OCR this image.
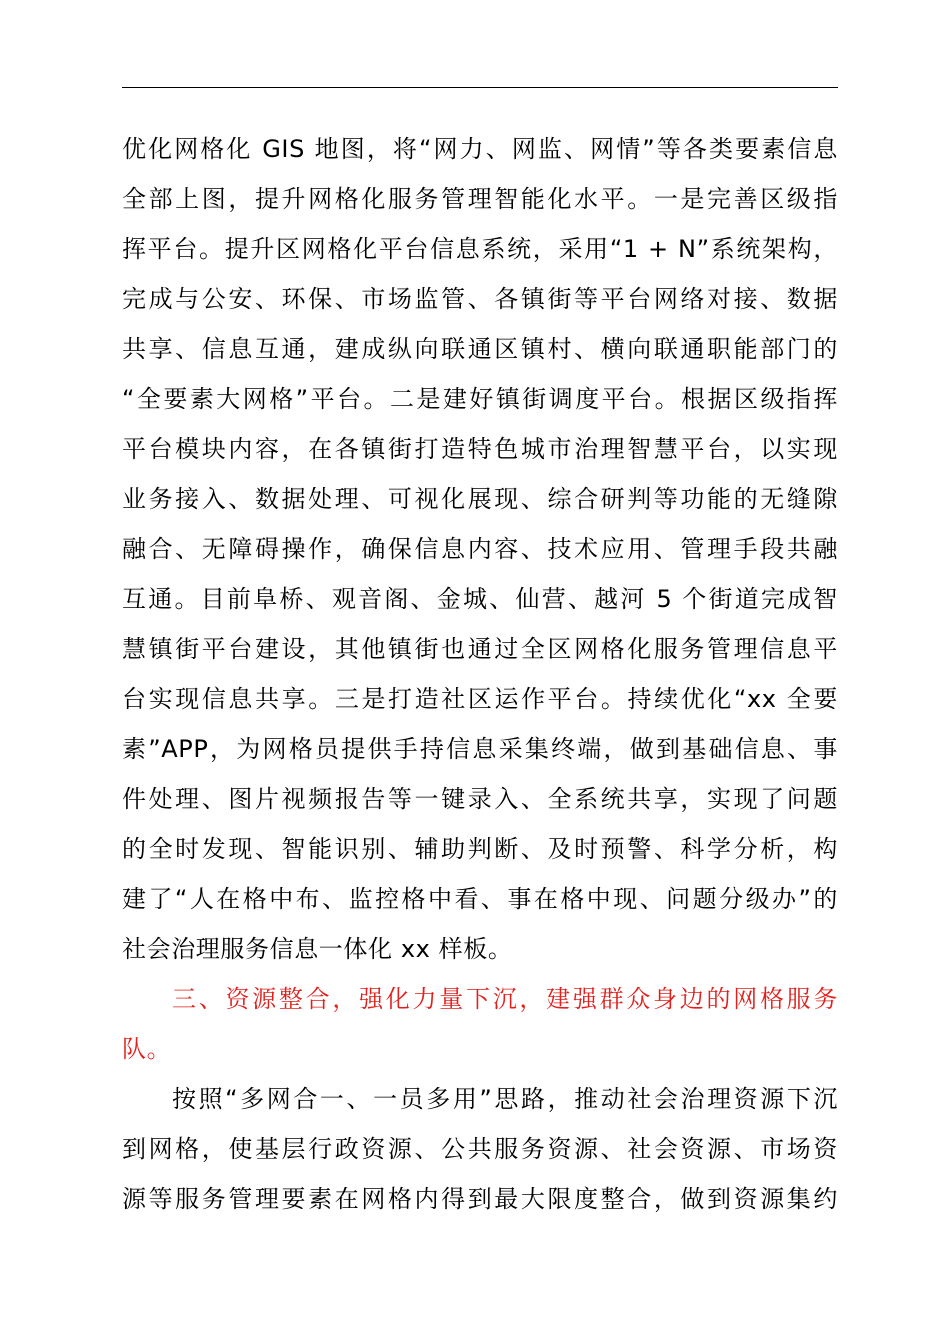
优化网格化 GIS 地图，将“网力、网监、网情”等各类要素信息
全部上图，提升网格化服务管理智能化水平。一是完善区级指
挥平台。提升区网格化平台信息系统，采用“1 + N”系统架构，
完成与公安、环保、市场监管、各镇街等平台网络对接、数据
共享、信息互通，建成纵向联通区镇村、横向联通职能部门的
“全要素大网格”平台。二是建好镇街调度平台。根据区级指挥
平台模块内容，在各镇街打造特色城市治理智慧平台，以实现
业务接入、数据处理、可视化展现、综合研判等功能的无缝隙
融合、无障碍操作，确保信息内容、技术应用、管理手段共融
互通。目前阜桥、观音阁、金城、仙营、越河 5 个街道完成智
慧镇街平台建设，其他镇街也通过全区网格化服务管理信息平
台实现信息共享。三是打造社区运作平台。持续优化“xx 全要
素”APP，为网格员提供手持信息采集终端，做到基础信息、事
件处理、图片视频报告等一键录入、全系统共享，实现了问题
的全时发现、智能识别、辅助判断、及时预警、科学分析，构
建了“人在格中布、监控格中看、事在格中现、问题分级办”的
社会治理服务信息一体化 xx 样板。
三、资源整合，强化力量下沉，建强群众身边的网格服务
队。
按照“多网合一、一员多用”思路，推动社会治理资源下沉
到网格，使基层行政资源、公共服务资源、社会资源、市场资
源等服务管理要素在网格内得到最大限度整合，做到资源集约
